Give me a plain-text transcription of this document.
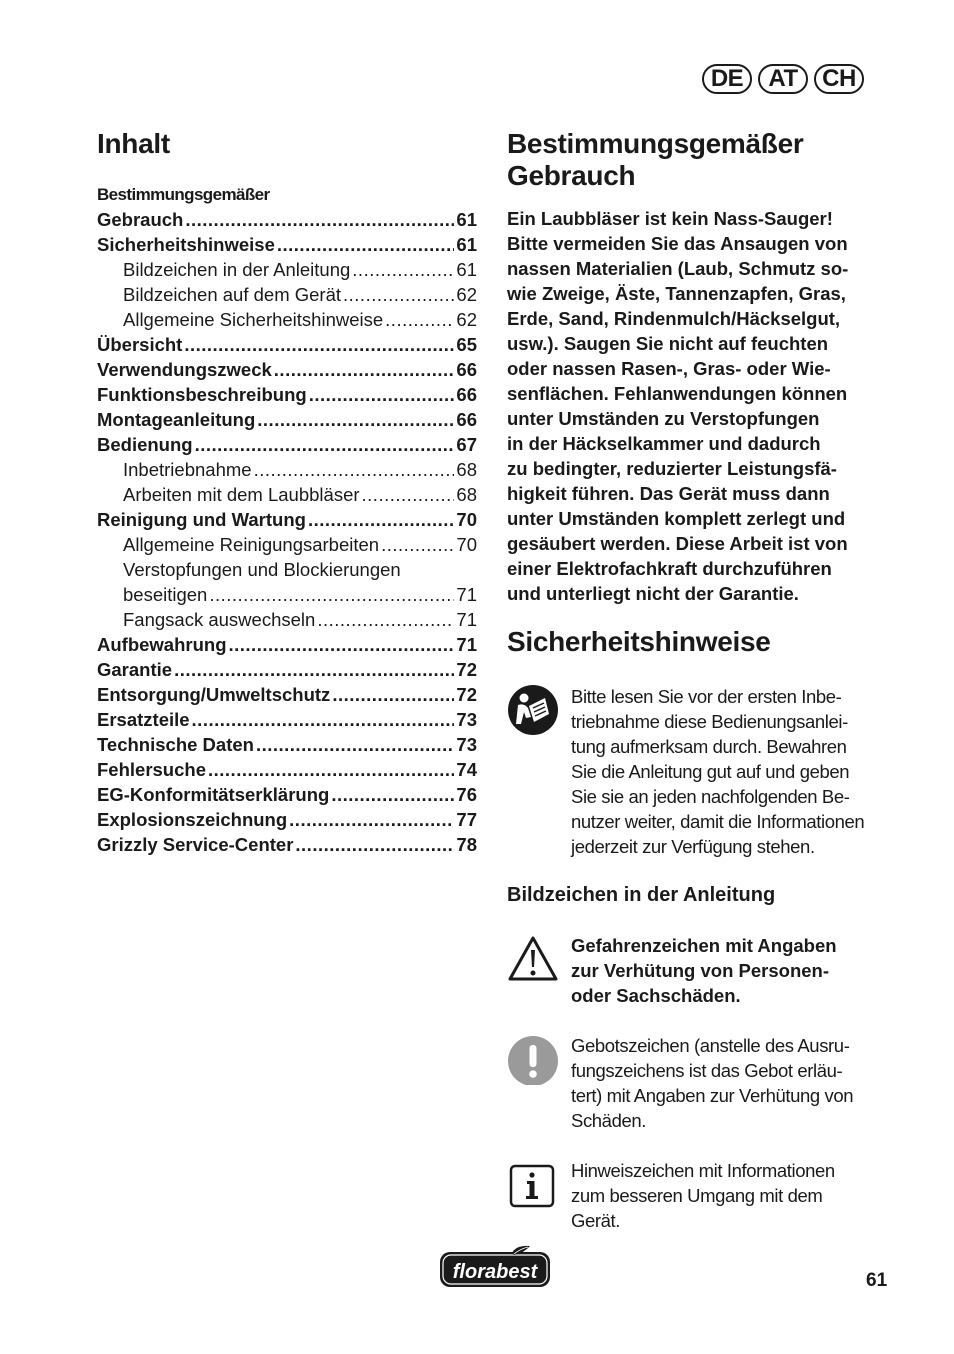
DE	AT	CH
Inhalt
Bestimmungsgemäßer
Gebrauch .....	61
Sicherheitshinweise .....	61
Bildzeichen in der Anleitung .....	61
Bildzeichen auf dem Gerät .....	62
Allgemeine Sicherheitshinweise .....	62
Übersicht .....	65
Verwendungszweck .....	66
Funktionsbeschreibung .....	66
Montageanleitung .....	66
Bedienung .....	67
Inbetriebnahme .....	68
Arbeiten mit dem Laubbläser .....	68
Reinigung und Wartung .....	70
Allgemeine Reinigungsarbeiten .....	70
Verstopfungen und Blockierungen
beseitigen .....	71
Fangsack auswechseln .....	71
Aufbewahrung .....	71
Garantie .....	72
Entsorgung/Umweltschutz .....	72
Ersatzteile .....	73
Technische Daten .....	73
Fehlersuche .....	74
EG-Konformitätserklärung .....	76
Explosionszeichnung .....	77
Grizzly Service-Center .....	78
Bestimmungsgemäßer
Gebrauch
Ein Laubbläser ist kein Nass-Sauger!
Bitte vermeiden Sie das Ansaugen von
nassen Materialien (Laub, Schmutz so-
wie Zweige, Äste, Tannenzapfen, Gras,
Erde, Sand, Rindenmulch/Häckselgut,
usw.). Saugen Sie nicht auf feuchten
oder nassen Rasen-, Gras- oder Wie-
senflächen. Fehlanwendungen können
unter Umständen zu Verstopfungen
in der Häckselkammer und dadurch
zu bedingter, reduzierter Leistungsfä-
higkeit führen. Das Gerät muss dann
unter Umständen komplett zerlegt und
gesäubert werden. Diese Arbeit ist von
einer Elektrofachkraft durchzuführen
und unterliegt nicht der Garantie.
Sicherheitshinweise
Bitte lesen Sie vor der ersten Inbe-
triebnahme diese Bedienungsanlei-
tung aufmerksam durch. Bewahren
Sie die Anleitung gut auf und geben
Sie sie an jeden nachfolgenden Be-
nutzer weiter, damit die Informationen
jederzeit zur Verfügung stehen.
Bildzeichen in der Anleitung
Gefahrenzeichen mit Angaben
zur Verhütung von Personen-
oder Sachschäden.
Gebotszeichen (anstelle des Ausru-
fungszeichens ist das Gebot erläu-
tert) mit Angaben zur Verhütung von
Schäden.
Hinweiszeichen mit Informationen
zum besseren Umgang mit dem
Gerät.
florabest	61
